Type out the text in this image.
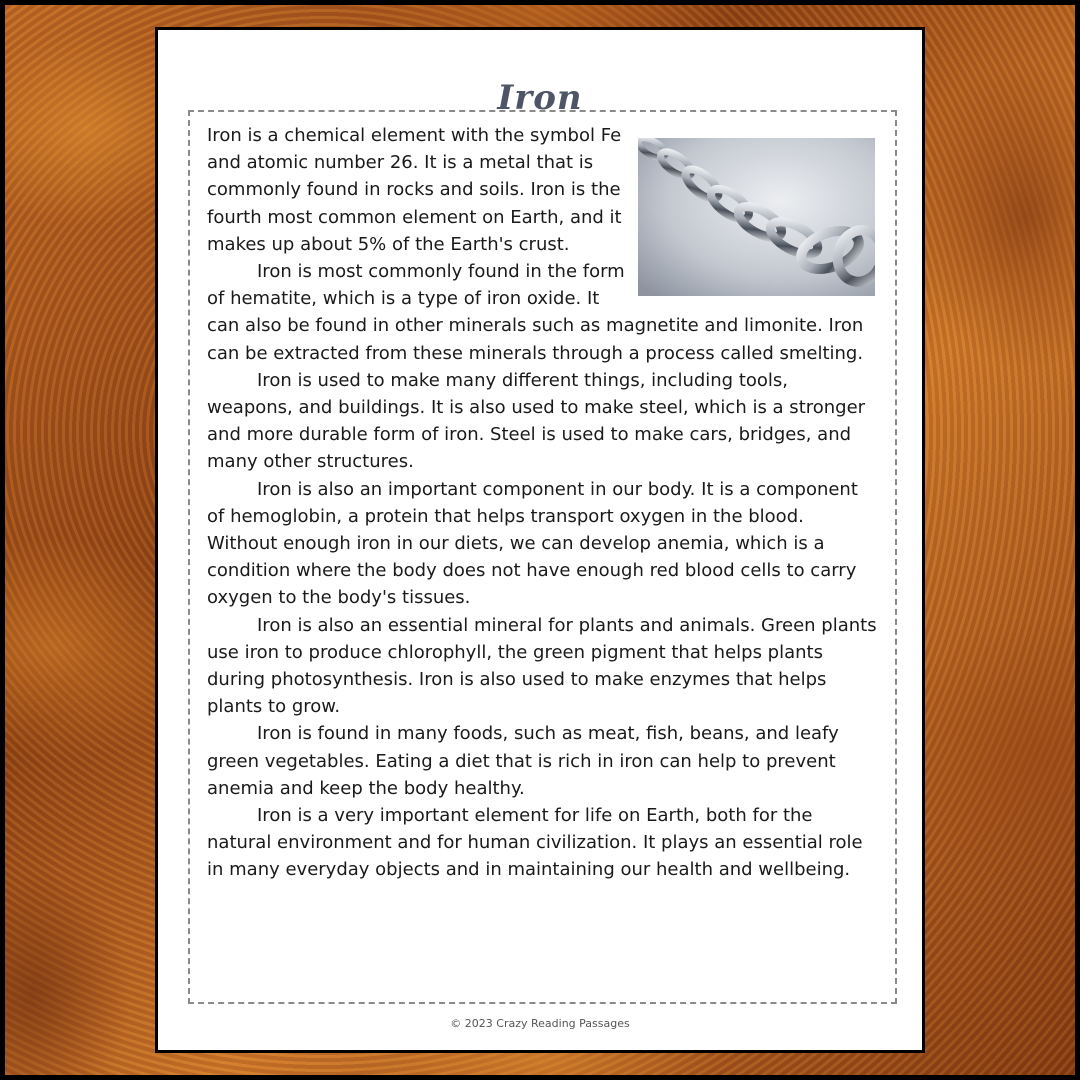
Iron

Iron is a chemical element with the symbol Fe and atomic number 26. It is a metal that is commonly found in rocks and soils. Iron is the fourth most common element on Earth, and it makes up about 5% of the Earth's crust.

Iron is most commonly found in the form of hematite, which is a type of iron oxide. It can also be found in other minerals such as magnetite and limonite. Iron can be extracted from these minerals through a process called smelting.

Iron is used to make many different things, including tools, weapons, and buildings. It is also used to make steel, which is a stronger and more durable form of iron. Steel is used to make cars, bridges, and many other structures.

Iron is also an important component in our body. It is a component of hemoglobin, a protein that helps transport oxygen in the blood. Without enough iron in our diets, we can develop anemia, which is a condition where the body does not have enough red blood cells to carry oxygen to the body's tissues.

Iron is also an essential mineral for plants and animals. Green plants use iron to produce chlorophyll, the green pigment that helps plants during photosynthesis. Iron is also used to make enzymes that helps plants to grow.

Iron is found in many foods, such as meat, fish, beans, and leafy green vegetables. Eating a diet that is rich in iron can help to prevent anemia and keep the body healthy.

Iron is a very important element for life on Earth, both for the natural environment and for human civilization. It plays an essential role in many everyday objects and in maintaining our health and wellbeing.

© 2023 Crazy Reading Passages
